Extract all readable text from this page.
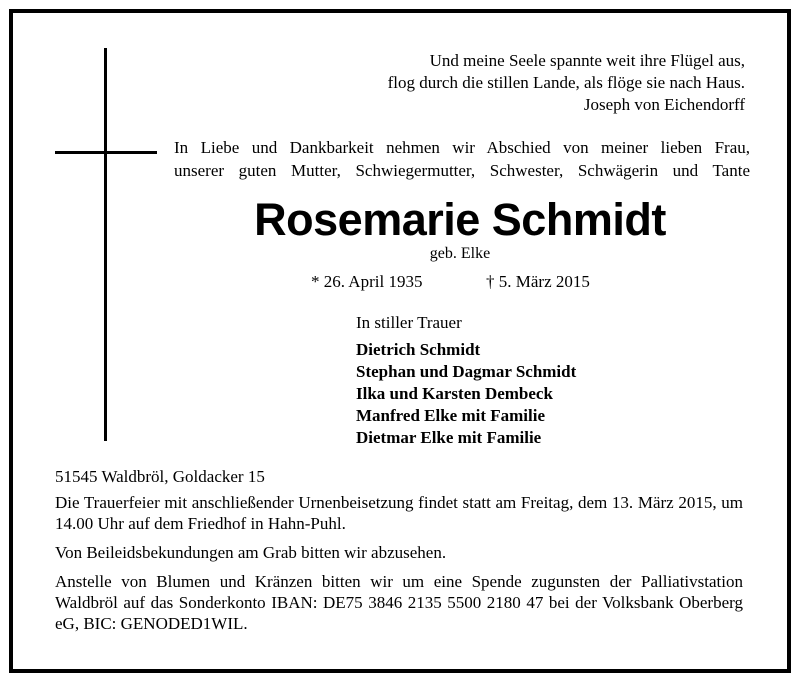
Und meine Seele spannte weit ihre Flügel aus,
flog durch die stillen Lande, als flöge sie nach Haus.
Joseph von Eichendorff
In Liebe und Dankbarkeit nehmen wir Abschied von meiner lieben Frau,
unserer guten Mutter, Schwiegermutter, Schwester, Schwägerin und Tante
Rosemarie Schmidt
geb. Elke
* 26. April 1935	† 5. März 2015
In stiller Trauer
Dietrich Schmidt
Stephan und Dagmar Schmidt
Ilka und Karsten Dembeck
Manfred Elke mit Familie
Dietmar Elke mit Familie
51545 Waldbröl, Goldacker 15
Die Trauerfeier mit anschließender Urnenbeisetzung findet statt am Freitag, dem 13. März 2015, um 14.00 Uhr auf dem Friedhof in Hahn-Puhl.
Von Beileidsbekundungen am Grab bitten wir abzusehen.
Anstelle von Blumen und Kränzen bitten wir um eine Spende zugunsten der Palliativstation Waldbröl auf das Sonderkonto IBAN: DE75 3846 2135 5500 2180 47 bei der Volksbank Oberberg eG, BIC: GENODED1WIL.
